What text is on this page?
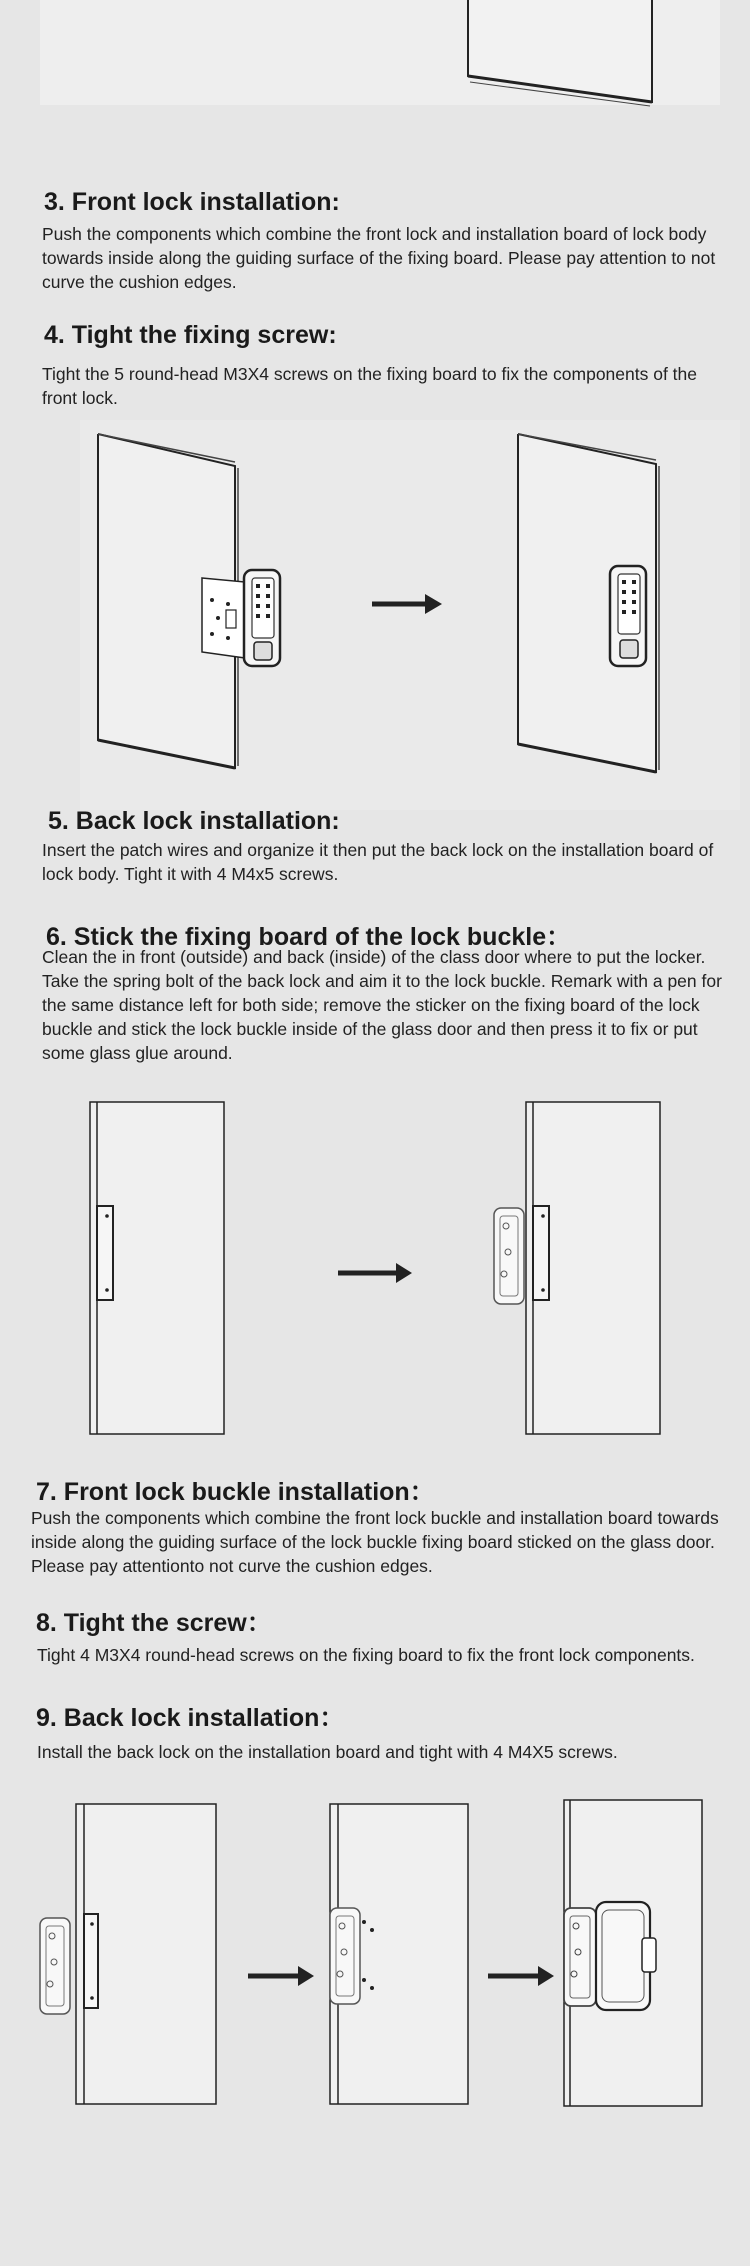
3. Front lock installation:

Push the components which combine the front lock and installation board of lock body towards inside along the guiding surface of the fixing board. Please pay attention to not curve the cushion edges.

4. Tight the fixing screw:

Tight the 5 round-head M3X4 screws on the fixing board to fix the components of the front lock.

5. Back lock installation:

Insert the patch wires and organize it then put the back lock on the installation board of lock body. Tight it with 4 M4x5 screws.

6. Stick the fixing board of the lock buckle：

Clean the in front (outside) and back (inside) of the class door where to put the locker. Take the spring bolt of the back lock and aim it to the lock buckle. Remark with a pen for the same distance left for both side; remove the sticker on the fixing board of the lock buckle and stick the lock buckle inside of the glass door and then press it to fix or put some glass glue around.

7. Front lock buckle installation：

Push the components which combine the front lock buckle and installation board towards inside along the guiding surface of the lock buckle fixing board sticked on the glass door. Please pay attentionto not curve the cushion edges.

8. Tight the screw：

Tight 4 M3X4 round-head screws on the fixing board to fix the front lock components.

9. Back lock installation：

Install the back lock on the installation board and tight with 4 M4X5 screws.
